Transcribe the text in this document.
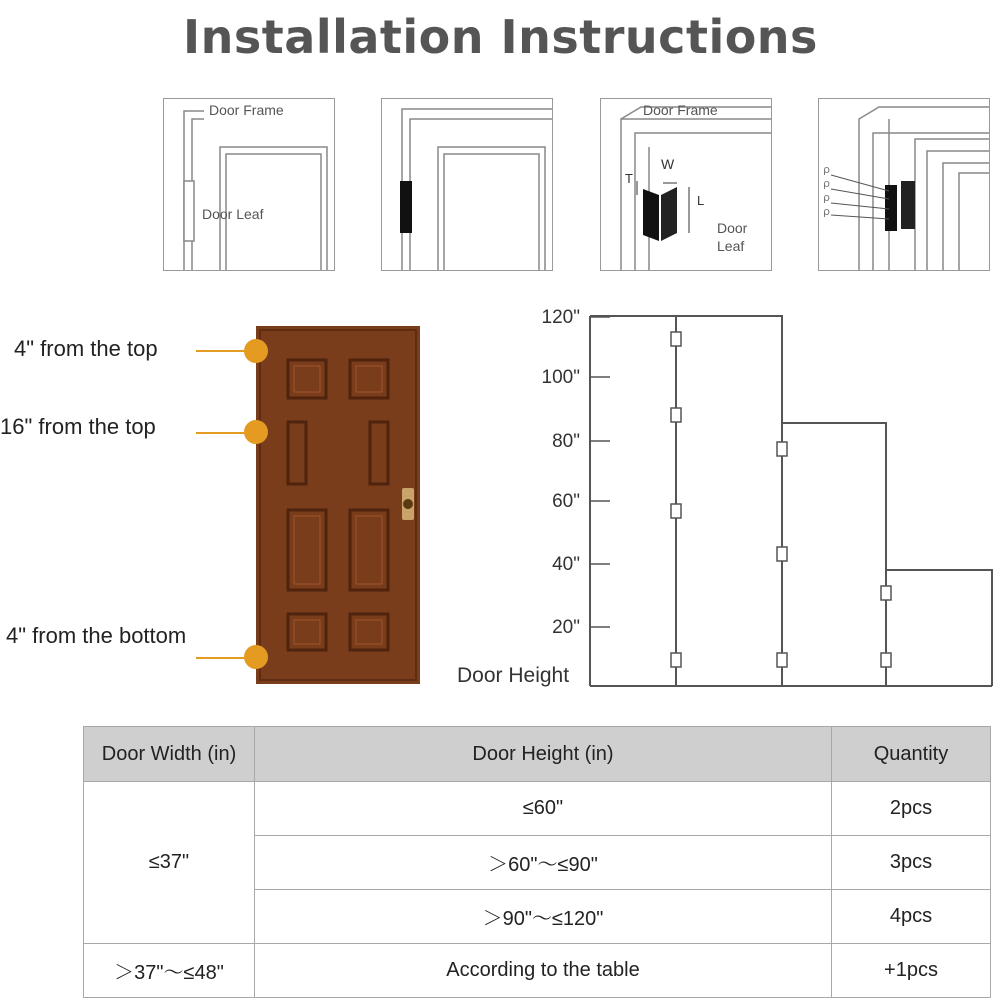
Installation Instructions
Door Frame
Door Leaf
T
W
L
Door Frame
Door
Leaf
ρ
ρ
ρ
ρ
4" from the top
16" from the top
4" from the bottom
120"
100"
80"
60"
40"
20"
Door Height
Door Width (in)	Door Height (in)	Quantity
≤37"	≤60"	2pcs
	＞60"～≤90"	3pcs
	＞90"～≤120"	4pcs
＞37"～≤48"	According to the table	+1pcs
